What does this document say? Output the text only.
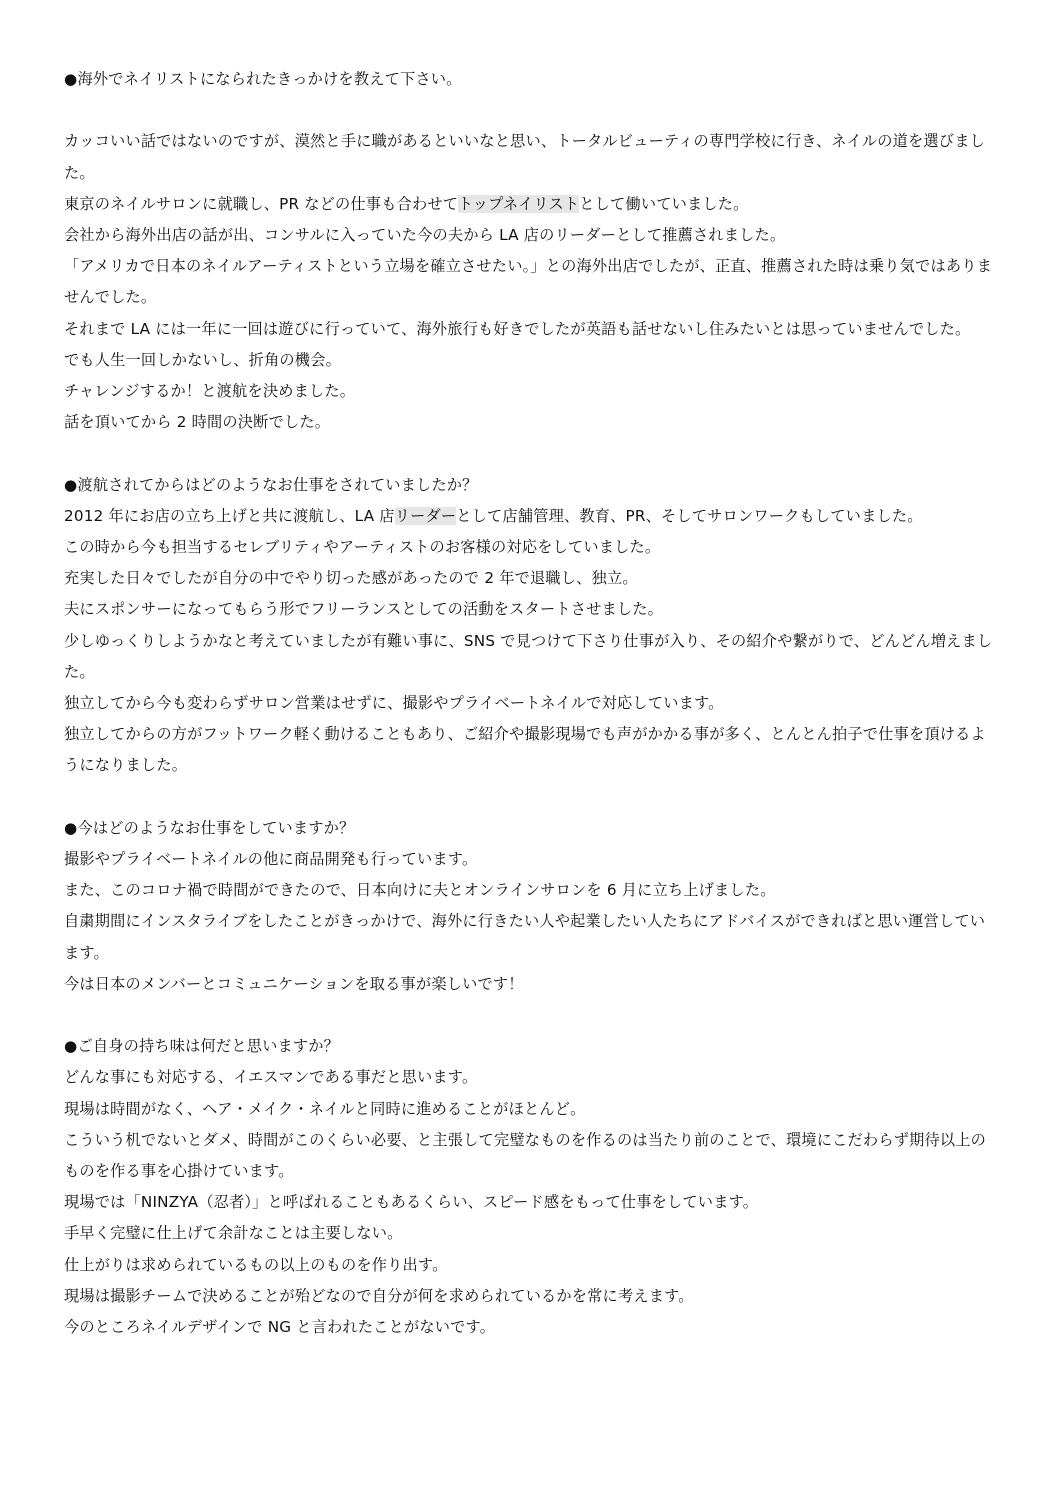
●海外でネイリストになられたきっかけを教えて下さい。

カッコいい話ではないのですが、漠然と手に職があるといいなと思い、トータルビューティの専門学校に行き、ネイルの道を選びました。

東京のネイルサロンに就職し、PR などの仕事も合わせてトップネイリストとして働いていました。

会社から海外出店の話が出、コンサルに入っていた今の夫から LA 店のリーダーとして推薦されました。

「アメリカで日本のネイルアーティストという立場を確立させたい。」との海外出店でしたが、正直、推薦された時は乗り気ではありませんでした。

それまで LA には一年に一回は遊びに行っていて、海外旅行も好きでしたが英語も話せないし住みたいとは思っていませんでした。

でも人生一回しかないし、折角の機会。

チャレンジするか！と渡航を決めました。

話を頂いてから 2 時間の決断でした。

●渡航されてからはどのようなお仕事をされていましたか？

2012 年にお店の立ち上げと共に渡航し、LA 店リーダーとして店舗管理、教育、PR、そしてサロンワークもしていました。

この時から今も担当するセレブリティやアーティストのお客様の対応をしていました。

充実した日々でしたが自分の中でやり切った感があったので 2 年で退職し、独立。

夫にスポンサーになってもらう形でフリーランスとしての活動をスタートさせました。

少しゆっくりしようかなと考えていましたが有難い事に、SNS で見つけて下さり仕事が入り、その紹介や繋がりで、どんどん増えました。

独立してから今も変わらずサロン営業はせずに、撮影やプライベートネイルで対応しています。

独立してからの方がフットワーク軽く動けることもあり、ご紹介や撮影現場でも声がかかる事が多く、とんとん拍子で仕事を頂けるようになりました。

●今はどのようなお仕事をしていますか？

撮影やプライベートネイルの他に商品開発も行っています。

また、このコロナ禍で時間ができたので、日本向けに夫とオンラインサロンを 6 月に立ち上げました。

自粛期間にインスタライブをしたことがきっかけで、海外に行きたい人や起業したい人たちにアドバイスができればと思い運営しています。

今は日本のメンバーとコミュニケーションを取る事が楽しいです！

●ご自身の持ち味は何だと思いますか？

どんな事にも対応する、イエスマンである事だと思います。

現場は時間がなく、ヘア・メイク・ネイルと同時に進めることがほとんど。

こういう机でないとダメ、時間がこのくらい必要、と主張して完璧なものを作るのは当たり前のことで、環境にこだわらず期待以上のものを作る事を心掛けています。

現場では「NINZYA（忍者）」と呼ばれることもあるくらい、スピード感をもって仕事をしています。

手早く完璧に仕上げて余計なことは主要しない。

仕上がりは求められているもの以上のものを作り出す。

現場は撮影チームで決めることが殆どなので自分が何を求められているかを常に考えます。

今のところネイルデザインで NG と言われたことがないです。
